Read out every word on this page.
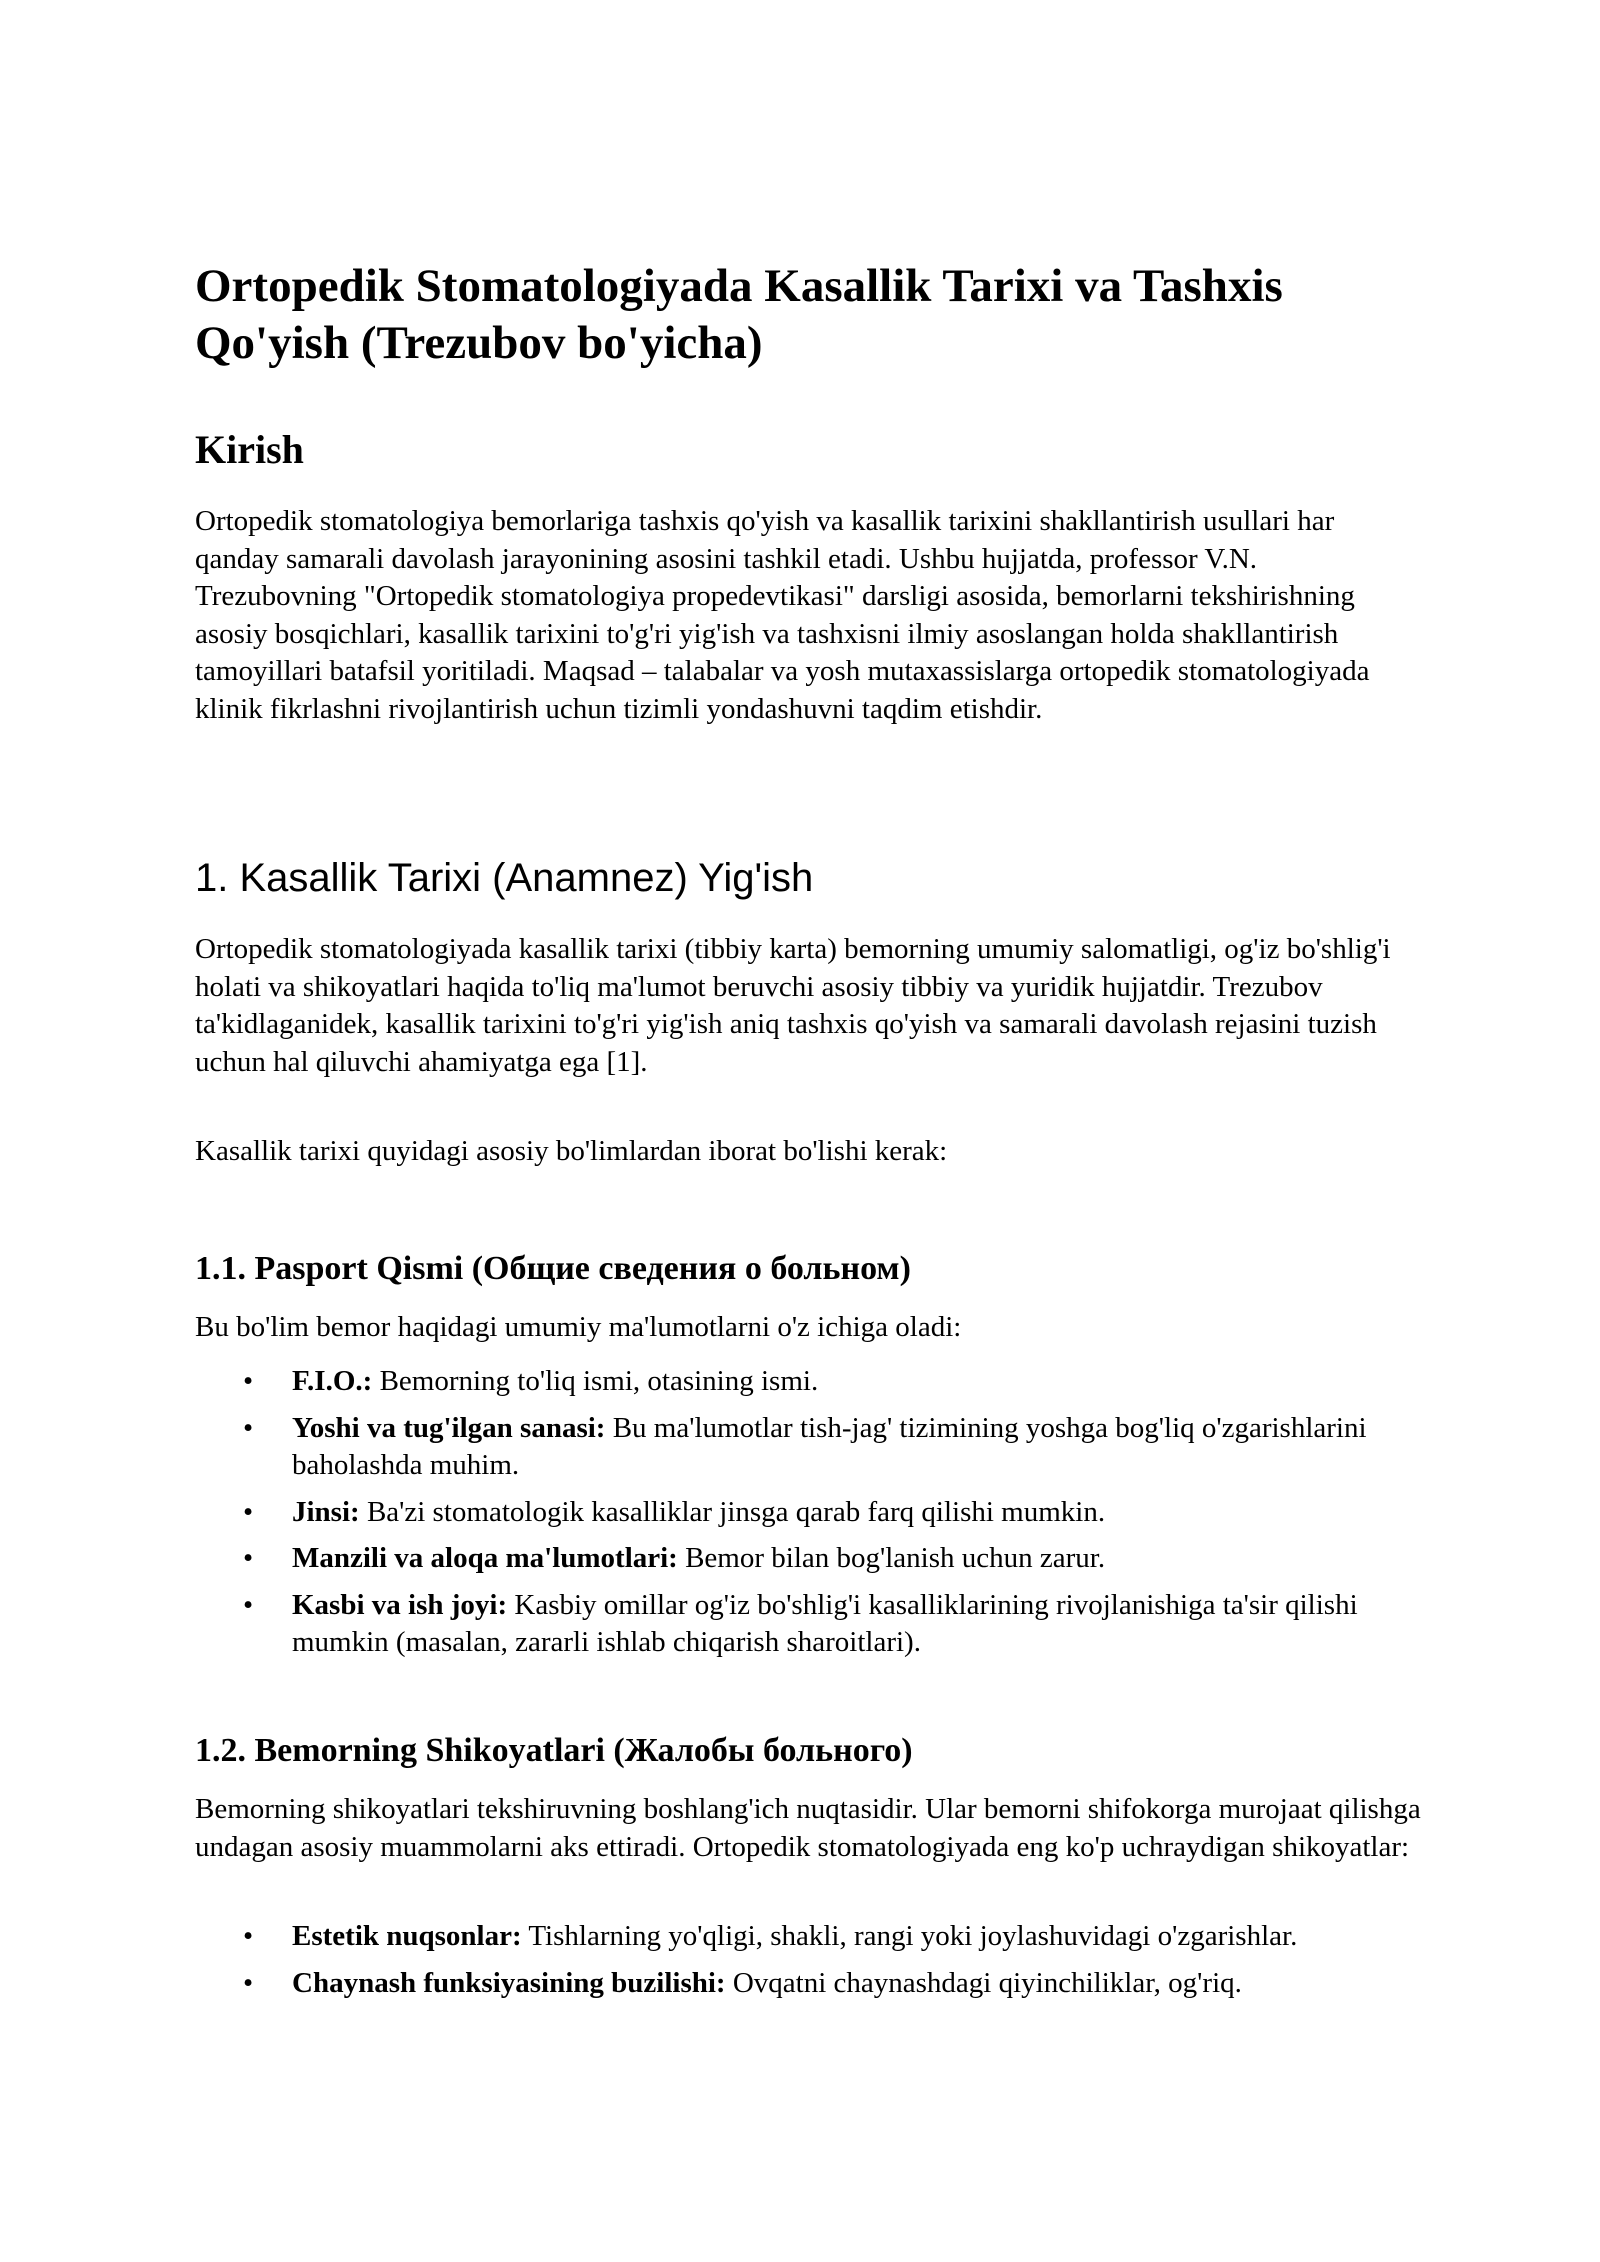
Ortopedik Stomatologiyada Kasallik Tarixi va Tashxis Qo'yish (Trezubov bo'yicha)
Kirish

Ortopedik stomatologiya bemorlariga tashxis qo'yish va kasallik tarixini shakllantirish usullari har qanday samarali davolash jarayonining asosini tashkil etadi. Ushbu hujjatda, professor V.N. Trezubovning "Ortopedik stomatologiya propedevtikasi" darsligi asosida, bemorlarni tekshirishning asosiy bosqichlari, kasallik tarixini to'g'ri yig'ish va tashxisni ilmiy asoslangan holda shakllantirish tamoyillari batafsil yoritiladi. Maqsad – talabalar va yosh mutaxassislarga ortopedik stomatologiyada klinik fikrlashni rivojlantirish uchun tizimli yondashuvni taqdim etishdir.

1. Kasallik Tarixi (Anamnez) Yig'ish

Ortopedik stomatologiyada kasallik tarixi (tibbiy karta) bemorning umumiy salomatligi, og'iz bo'shlig'i holati va shikoyatlari haqida to'liq ma'lumot beruvchi asosiy tibbiy va yuridik hujjatdir. Trezubov ta'kidlaganidek, kasallik tarixini to'g'ri yig'ish aniq tashxis qo'yish va samarali davolash rejasini tuzish uchun hal qiluvchi ahamiyatga ega [1].

Kasallik tarixi quyidagi asosiy bo'limlardan iborat bo'lishi kerak:

1.1. Pasport Qismi (Общие сведения о больном)

Bu bo'lim bemor haqidagi umumiy ma'lumotlarni o'z ichiga oladi:

• F.I.O.: Bemorning to'liq ismi, otasining ismi.
• Yoshi va tug'ilgan sanasi: Bu ma'lumotlar tish-jag' tizimining yoshga bog'liq o'zgarishlarini baholashda muhim.
• Jinsi: Ba'zi stomatologik kasalliklar jinsga qarab farq qilishi mumkin.
• Manzili va aloqa ma'lumotlari: Bemor bilan bog'lanish uchun zarur.
• Kasbi va ish joyi: Kasbiy omillar og'iz bo'shlig'i kasalliklarining rivojlanishiga ta'sir qilishi mumkin (masalan, zararli ishlab chiqarish sharoitlari).
1.2. Bemorning Shikoyatlari (Жалобы больного)

Bemorning shikoyatlari tekshiruvning boshlang'ich nuqtasidir. Ular bemorni shifokorga murojaat qilishga undagan asosiy muammolarni aks ettiradi. Ortopedik stomatologiyada eng ko'p uchraydigan shikoyatlar:

• Estetik nuqsonlar: Tishlarning yo'qligi, shakli, rangi yoki joylashuvidagi o'zgarishlar.
• Chaynash funksiyasining buzilishi: Ovqatni chaynashdagi qiyinchiliklar, og'riq.
